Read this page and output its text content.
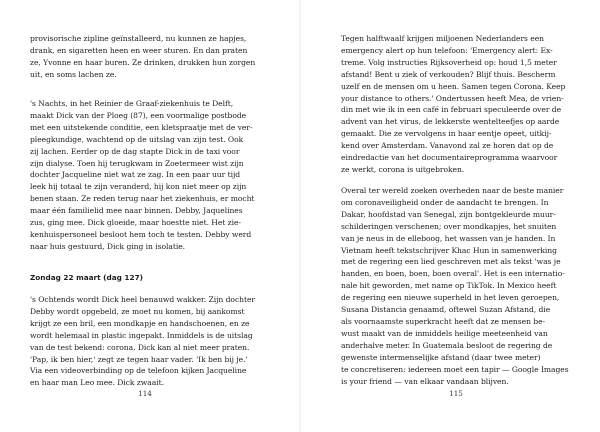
provisorische zipline geïnstalleerd, nu kunnen ze hapjes,

drank, en sigaretten heen en weer sturen. En dan praten

ze, Yvonne en haar buren. Ze drinken, drukken hun zorgen

uit, en soms lachen ze.

's Nachts, in het Reinier de Graaf-ziekenhuis te Delft,

maakt Dick van der Ploeg (87), een voormalige postbode

met een uitstekende conditie, een kletspraatje met de ver-

pleegkundige, wachtend op de uitslag van zijn test. Ook

zij lachen. Eerder op de dag stapte Dick in de taxi voor

zijn dialyse. Toen hij terugkwam in Zoetermeer wist zijn

dochter Jacqueline niet wat ze zag. In een paar uur tijd

leek hij totaal te zijn veranderd, hij kon niet meer op zijn

benen staan. Ze reden terug naar het ziekenhuis, er mocht

maar één familielid mee naar binnen. Debby, Jaquelines

zus, ging mee. Dick gloeide, maar hoestte niet. Het zie-

kenhuispersoneel besloot hem toch te testen. Debby werd

naar huis gestuurd, Dick ging in isolatie.

Zondag 22 maart (dag 127)

's Ochtends wordt Dick heel benauwd wakker. Zijn dochter

Debby wordt opgebeld, ze moet nu komen, bij aankomst

krijgt ze een bril, een mondkapje en handschoenen, en ze

wordt helemaal in plastic ingepakt. Inmiddels is de uitslag

van de test bekend: corona. Dick kan al niet meer praten.

'Pap, ik ben hier,' zegt ze tegen haar vader. 'Ik ben bij je.'

Via een videoverbinding op de telefoon kijken Jacqueline

en haar man Leo mee. Dick zwaait.

114

Tegen halftwaalf krijgen miljoenen Nederlanders een

emergency alert op hun telefoon: 'Emergency alert: Ex-

treme. Volg instructies Rijksoverheid op: houd 1,5 meter

afstand! Bent u ziek of verkouden? Blijf thuis. Bescherm

uzelf en de mensen om u heen. Samen tegen Corona. Keep

your distance to others.' Ondertussen heeft Mea, de vrien-

din met wie ik in een café in februari speculeerde over de

advent van het virus, de lekkerste wentelteefjes op aarde

gemaakt. Die ze vervolgens in haar eentje opeet, uitkij-

kend over Amsterdam. Vanavond zal ze horen dat op de

eindredactie van het documentaireprogramma waarvoor

ze werkt, corona is uitgebroken.

Overal ter wereld zoeken overheden naar de beste manier

om coronaveiligheid onder de aandacht te brengen. In

Dakar, hoofdstad van Senegal, zijn bontgekleurde muur-

schilderingen verschenen; over mondkapjes, het snuiten

van je neus in de elleboog, het wassen van je handen. In

Vietnam heeft tekstschrijver Khac Hun in samenwerking

met de regering een lied geschreven met als tekst 'was je

handen, en boen, boen, boen overal'. Het is een internatio-

nale hit geworden, met name op TikTok. In Mexico heeft

de regering een nieuwe superheld in het leven geroepen,

Susana Distancia genaamd, oftewel Suzan Afstand, die

als voornaamste superkracht heeft dat ze mensen be-

wust maakt van de inmiddels heilige meeteenheid van

anderhalve meter. In Guatemala besloot de regering de

gewenste intermenselijke afstand (daar twee meter)

te concretiseren: iedereen moet een tapir — Google Images

is your friend — van elkaar vandaan blijven.

115
